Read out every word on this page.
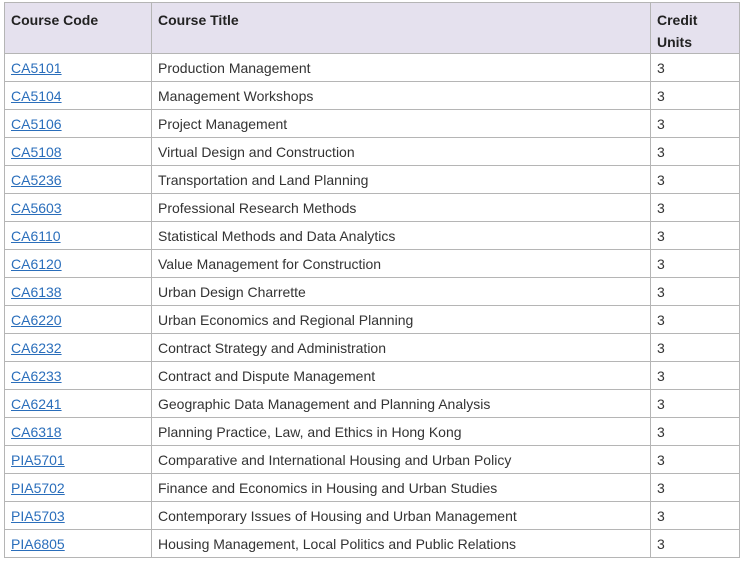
Course Code	Course Title	Credit Units
CA5101	Production Management	3
CA5104	Management Workshops	3
CA5106	Project Management	3
CA5108	Virtual Design and Construction	3
CA5236	Transportation and Land Planning	3
CA5603	Professional Research Methods	3
CA6110	Statistical Methods and Data Analytics	3
CA6120	Value Management for Construction	3
CA6138	Urban Design Charrette	3
CA6220	Urban Economics and Regional Planning	3
CA6232	Contract Strategy and Administration	3
CA6233	Contract and Dispute Management	3
CA6241	Geographic Data Management and Planning Analysis	3
CA6318	Planning Practice, Law, and Ethics in Hong Kong	3
PIA5701	Comparative and International Housing and Urban Policy	3
PIA5702	Finance and Economics in Housing and Urban Studies	3
PIA5703	Contemporary Issues of Housing and Urban Management	3
PIA6805	Housing Management, Local Politics and Public Relations	3
